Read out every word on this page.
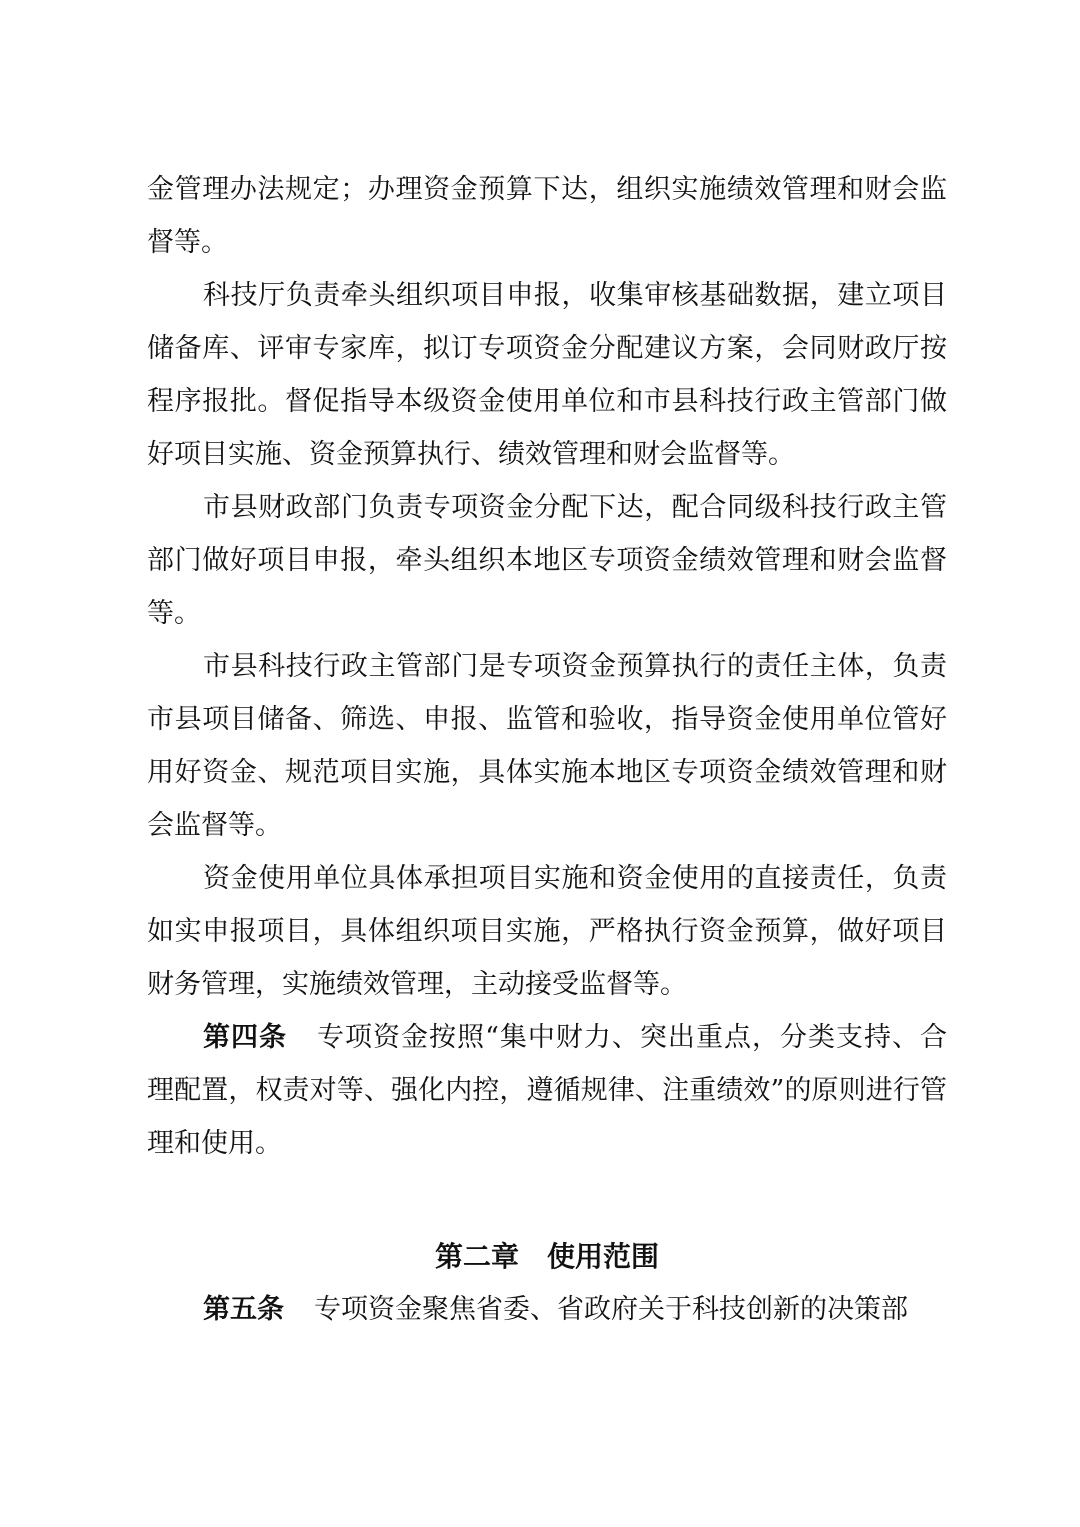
金管理办法规定；办理资金预算下达，组织实施绩效管理和财会监督等。

科技厅负责牵头组织项目申报，收集审核基础数据，建立项目储备库、评审专家库，拟订专项资金分配建议方案，会同财政厅按程序报批。督促指导本级资金使用单位和市县科技行政主管部门做好项目实施、资金预算执行、绩效管理和财会监督等。

市县财政部门负责专项资金分配下达，配合同级科技行政主管部门做好项目申报，牵头组织本地区专项资金绩效管理和财会监督等。

市县科技行政主管部门是专项资金预算执行的责任主体，负责市县项目储备、筛选、申报、监管和验收，指导资金使用单位管好用好资金、规范项目实施，具体实施本地区专项资金绩效管理和财会监督等。

资金使用单位具体承担项目实施和资金使用的直接责任，负责如实申报项目，具体组织项目实施，严格执行资金预算，做好项目财务管理，实施绩效管理，主动接受监督等。

第四条 专项资金按照“集中财力、突出重点，分类支持、合理配置，权责对等、强化内控，遵循规律、注重绩效”的原则进行管理和使用。

第二章　使用范围

第五条 专项资金聚焦省委、省政府关于科技创新的决策部
